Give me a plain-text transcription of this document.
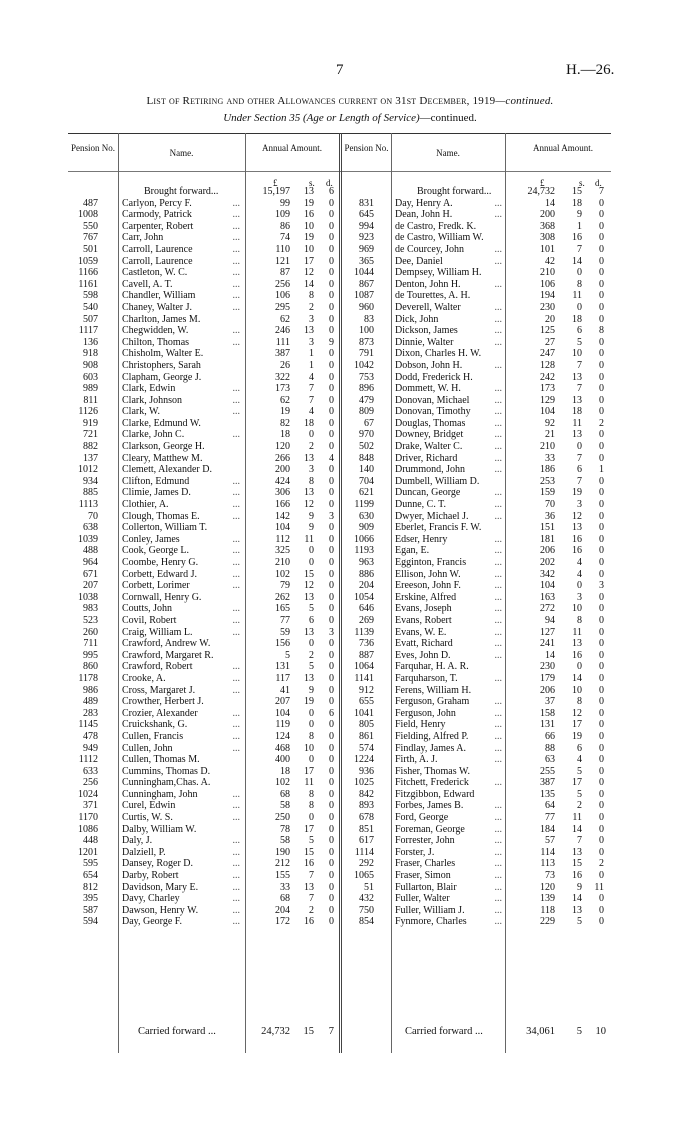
7	H.—26.
List of Retiring and other Allowances current on 31st December, 1919—continued.
Under Section 35 (Age or Length of Service)—continued.
Pension No.	Name.	Annual Amount. Pension No.	Name.	Annual Amount.
£	s. d.	£	s. d.
Brought forward...	15,197	13	6
487 Carlyon, Percy F.	...	99	19	0
1008 Carmody, Patrick	...	109	16	0
550 Carpenter, Robert	...	86	10	0
767 Carr, John	...	74	19	0
501 Carroll, Laurence	...	110	10	0
1059 Carroll, Laurence	...	121	17	0
1166 Castleton, W. C.	...	87	12	0
1161 Cavell, A. T.	...	256	14	0
598 Chandler, William	...	106	8	0
540 Chaney, Walter J.	...	295	2	0
507 Charlton, James M.	62	3	0
1117 Chegwidden, W.	...	246	13	0
136 Chilton, Thomas	...	111	3	9
918 Chisholm, Walter E.	387	1	0
908 Christophers, Sarah	26	1	0
603 Clapham, George J.	322	4	0
989 Clark, Edwin	...	173	7	0
811 Clark, Johnson	...	62	7	0
1126 Clark, W.	...	19	4	0
919 Clarke, Edmund W.	82	18	0
721 Clarke, John C.	...	18	0	0
882 Clarkson, George H.	120	2	0
137 Cleary, Matthew M.	266	13	4
1012 Clemett, Alexander D.	200	3	0
934 Clifton, Edmund	...	424	8	0
885 Climie, James D.	...	306	13	0
1113 Clothier, A.	...	166	12	0
70 Clough, Thomas E.	...	142	9	3
638 Collerton, William T.	104	9	0
1039 Conley, James	...	112	11	0
488 Cook, George L.	...	325	0	0
964 Coombe, Henry G.	...	210	0	0
671 Corbett, Edward J.	...	102	15	0
207 Corbett, Lorimer	...	79	12	0
1038 Cornwall, Henry G.	262	13	0
983 Coutts, John	...	165	5	0
523 Covil, Robert	...	77	6	0
260 Craig, William L.	...	59	13	3
711 Crawford, Andrew W.	156	0	0
995 Crawford, Margaret R.	5	2	0
860 Crawford, Robert	...	131	5	0
1178 Crooke, A.	...	117	13	0
986 Cross, Margaret J.	...	41	9	0
489 Crowther, Herbert J.	207	19	0
283 Crozier, Alexander	...	104	0	6
1145 Cruickshank, G.	...	119	0	0
478 Cullen, Francis	...	124	8	0
949 Cullen, John	...	468	10	0
1112 Cullen, Thomas M.	400	0	0
633 Cummins, Thomas D.	18	17	0
256 Cunningham,Chas. A.	102	11	0
1024 Cunningham, John	...	68	8	0
371 Curel, Edwin	...	58	8	0
1170 Curtis, W. S.	...	250	0	0
1086 Dalby, William W.	78	17	0
448 Daly, J.	...	58	5	0
1201 Dalziell, P.	...	190	15	0
595 Dansey, Roger D.	...	212	16	0
654 Darby, Robert	...	155	7	0
812 Davidson, Mary E.	...	33	13	0
395 Davy, Charley	...	68	7	0
587 Dawson, Henry W.	...	204	2	0
594 Day, George F.	...	172	16	0
Brought forward...	24,732	15	7
831 Day, Henry A.	...	14	18	0
645 Dean, John H.	...	200	9	0
994 de Castro, Fredk. K.	368	1	0
923 de Castro, William W.	308	16	0
969 de Courcey, John	...	101	7	0
365 Dee, Daniel	...	42	14	0
1044 Dempsey, William H.	210	0	0
867 Denton, John H.	...	106	8	0
1087 de Tourettes, A. H.	194	11	0
960 Deverell, Walter	...	230	0	0
83 Dick, John	...	20	18	0
100 Dickson, James	...	125	6	8
873 Dinnie, Walter	...	27	5	0
791 Dixon, Charles H. W.	247	10	0
1042 Dobson, John H.	...	128	7	0
753 Dodd, Frederick H.	242	13	0
896 Dommett, W. H.	...	173	7	0
479 Donovan, Michael	...	129	13	0
809 Donovan, Timothy	...	104	18	0
67 Douglas, Thomas	...	92	11	2
970 Downey, Bridget	...	21	13	0
502 Drake, Walter C.	...	210	0	0
848 Driver, Richard	...	33	7	0
140 Drummond, John	...	186	6	1
704 Dumbell, William D.	253	7	0
621 Duncan, George	...	159	19	0
1199 Dunne, C. T.	...	70	3	0
630 Dwyer, Michael J.	...	36	12	0
909 Eberlet, Francis F. W.	151	13	0
1066 Edser, Henry	...	181	16	0
1193 Egan, E.	...	206	16	0
963 Egginton, Francis	...	202	4	0
886 Ellison, John W.	...	342	4	0
204 Ereeson, John F.	...	104	0	3
1054 Erskine, Alfred	...	163	3	0
646 Evans, Joseph	...	272	10	0
269 Evans, Robert	...	94	8	0
1139 Evans, W. E.	...	127	11	0
736 Evatt, Richard	...	241	13	0
887 Eves, John D.	...	14	16	0
1064 Farquhar, H. A. R.	230	0	0
1141 Farquharson, T.	...	179	14	0
912 Ferens, William H.	206	10	0
655 Ferguson, Graham	...	37	8	0
1041 Ferguson, John	...	158	12	0
805 Field, Henry	...	131	17	0
861 Fielding, Alfred P.	...	66	19	0
574 Findlay, James A.	...	88	6	0
1224 Firth, A. J.	...	63	4	0
936 Fisher, Thomas W.	255	5	0
1025 Fitchett, Frederick	...	387	17	0
842 Fitzgibbon, Edward	135	5	0
893 Forbes, James B.	...	64	2	0
678 Ford, George	...	77	11	0
851 Foreman, George	...	184	14	0
617 Forrester, John	...	57	7	0
1114 Forster, J.	...	114	13	0
292 Fraser, Charles	...	113	15	2
1065 Fraser, Simon	...	73	16	0
51 Fullarton, Blair	...	120	9	11
432 Fuller, Walter	...	139	14	0
750 Fuller, William J.	...	118	13	0
854 Fynmore, Charles	...	229	5	0
Carried forward ...	24,732	15	7	Carried forward ...	34,061	5	10
